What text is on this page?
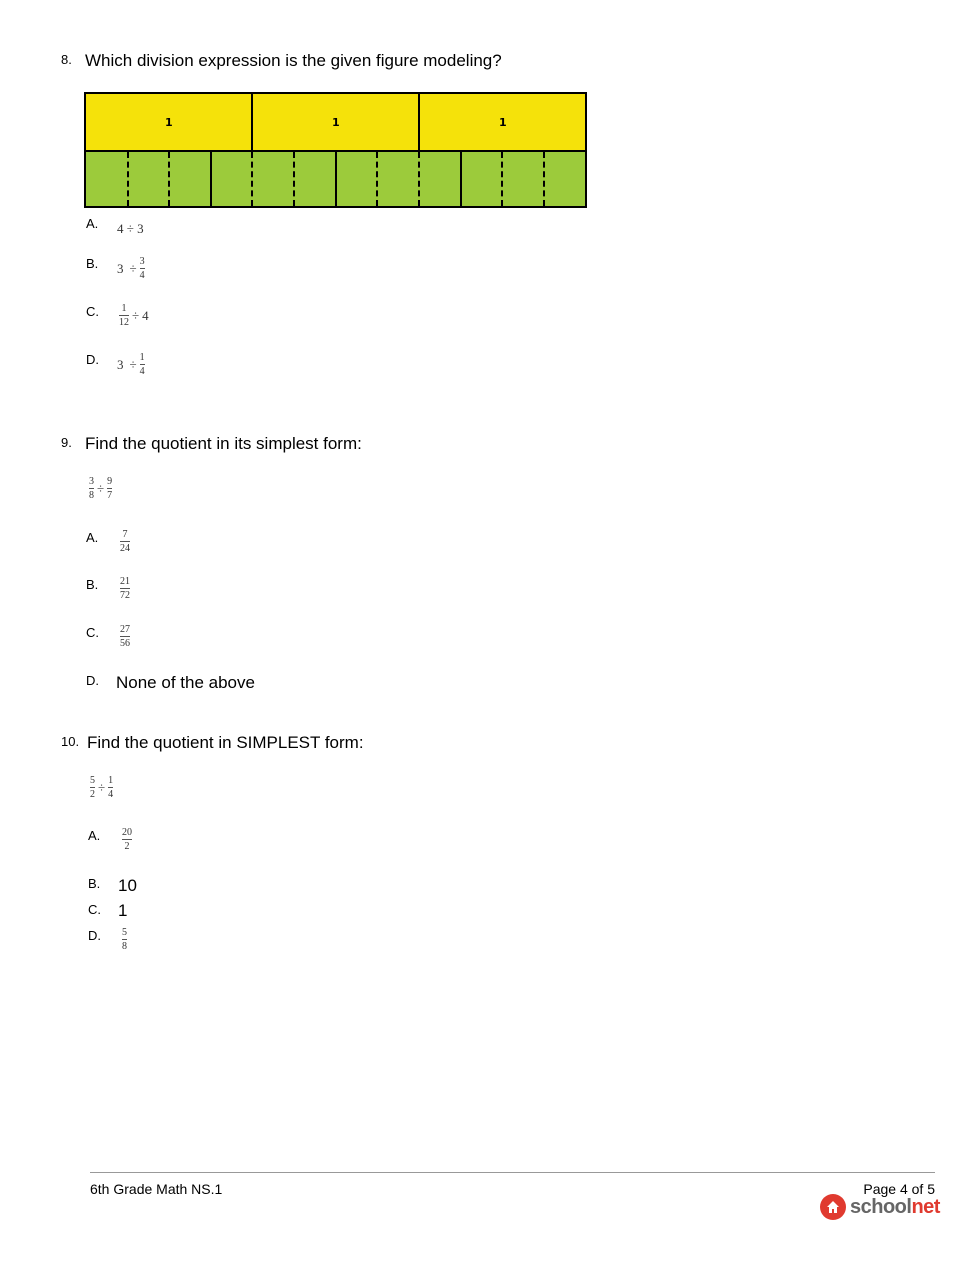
8. Which division expression is the given figure modeling?
1	1	1
A. 4 ÷ 3
B. $3 \div \frac{3}{4}$
C. $\frac{1}{12} \div 4$
D. $3 \div \frac{1}{4}$
9. Find the quotient in its simplest form:
$\frac{3}{8} \div \frac{9}{7}$
A. $\frac{7}{24}$
B. $\frac{21}{72}$
C. $\frac{27}{56}$
D. None of the above
10. Find the quotient in SIMPLEST form:
$\frac{5}{2} \div \frac{1}{4}$
A. $\frac{20}{2}$
B. 10
C. 1
D. $\frac{5}{8}$
6th Grade Math NS.1	Page 4 of 5
schoolnet
